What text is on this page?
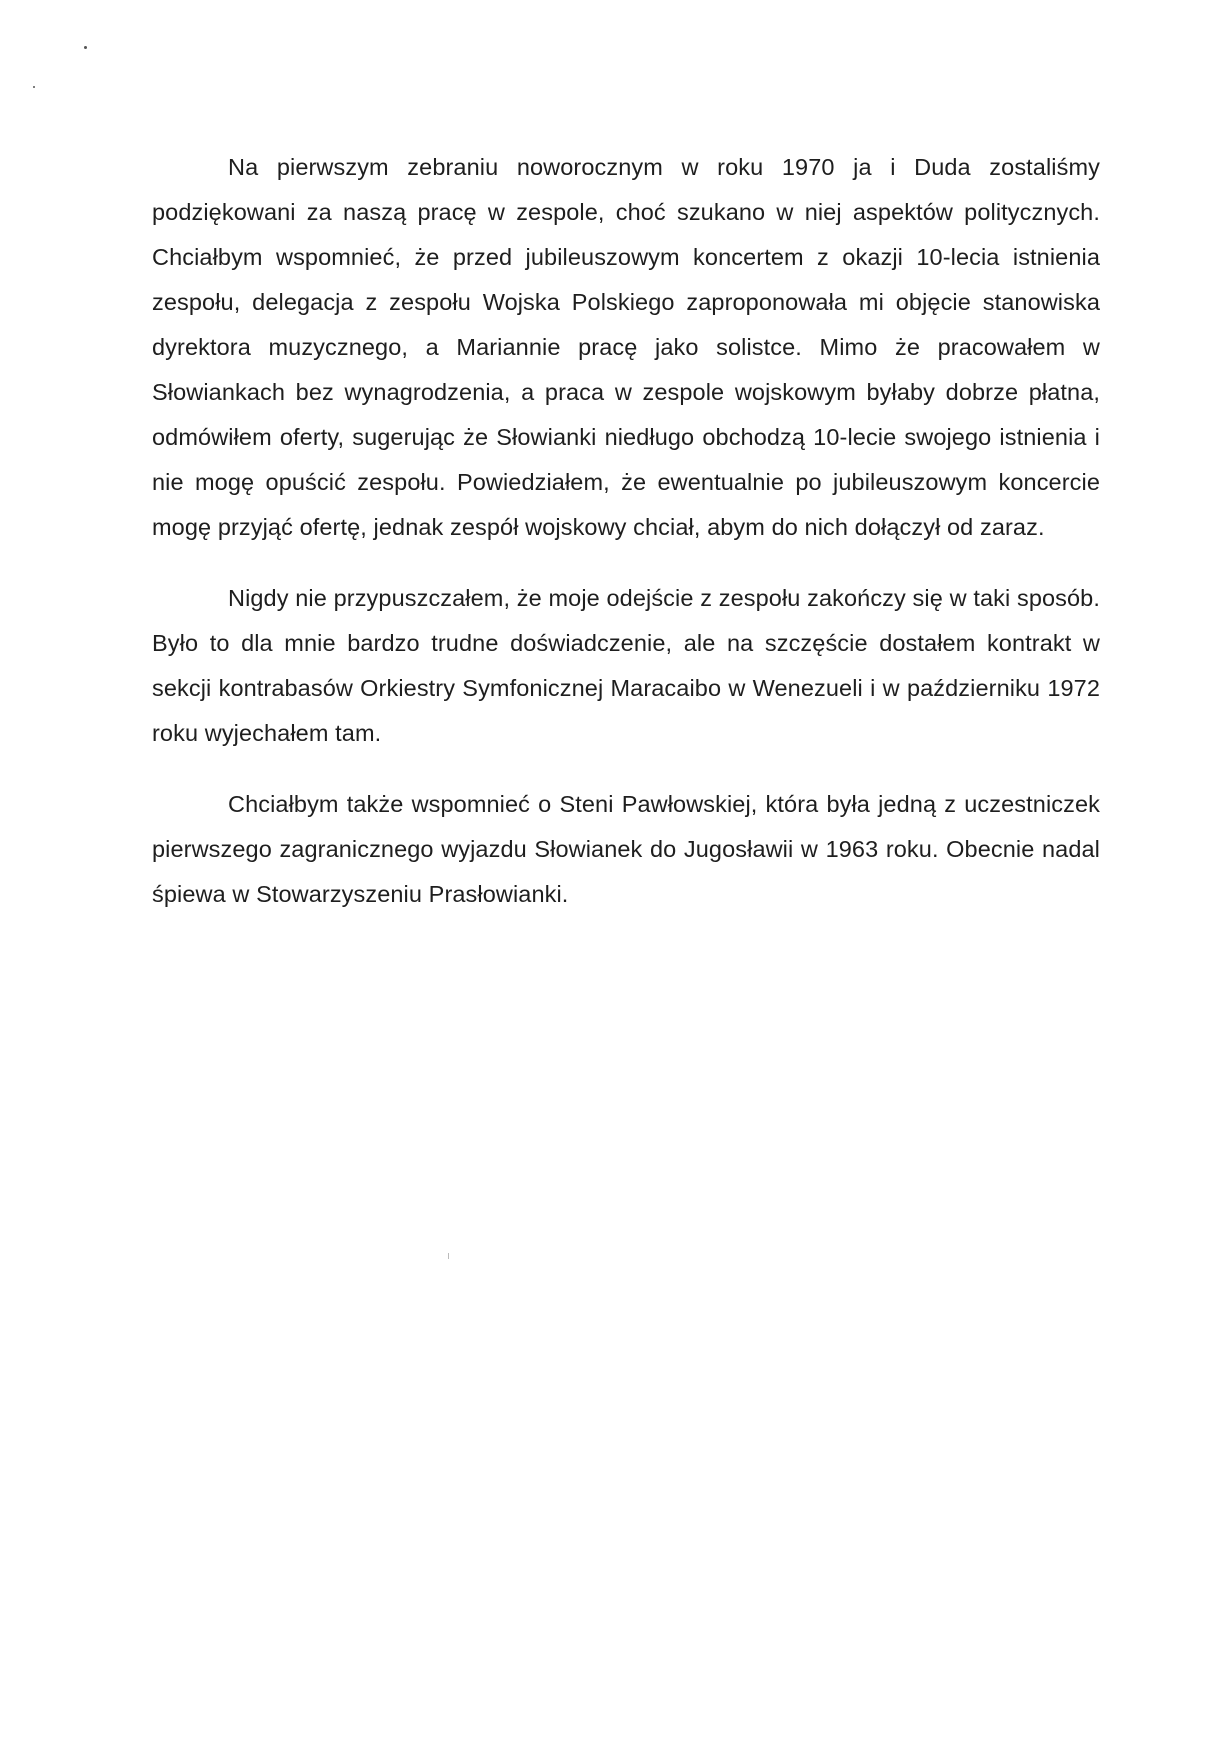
Na pierwszym zebraniu noworocznym w roku 1970 ja i Duda zostaliśmy podziękowani za naszą pracę w zespole, choć szukano w niej aspektów politycznych. Chciałbym wspomnieć, że przed jubileuszowym koncertem z okazji 10-lecia istnienia zespołu, delegacja z zespołu Wojska Polskiego zaproponowała mi objęcie stanowiska dyrektora muzycznego, a Mariannie pracę jako solistce. Mimo że pracowałem w Słowiankach bez wynagrodzenia, a praca w zespole wojskowym byłaby dobrze płatna, odmówiłem oferty, sugerując że Słowianki niedługo obchodzą 10-lecie swojego istnienia i nie mogę opuścić zespołu. Powiedziałem, że ewentualnie po jubileuszowym koncercie mogę przyjąć ofertę, jednak zespół wojskowy chciał, abym do nich dołączył od zaraz.

Nigdy nie przypuszczałem, że moje odejście z zespołu zakończy się w taki sposób. Było to dla mnie bardzo trudne doświadczenie, ale na szczęście dostałem kontrakt w sekcji kontrabasów Orkiestry Symfonicznej Maracaibo w Wenezueli i w październiku 1972 roku wyjechałem tam.

Chciałbym także wspomnieć o Steni Pawłowskiej, która była jedną z uczestniczek pierwszego zagranicznego wyjazdu Słowianek do Jugosławii w 1963 roku. Obecnie nadal śpiewa w Stowarzyszeniu Prasłowianki.
